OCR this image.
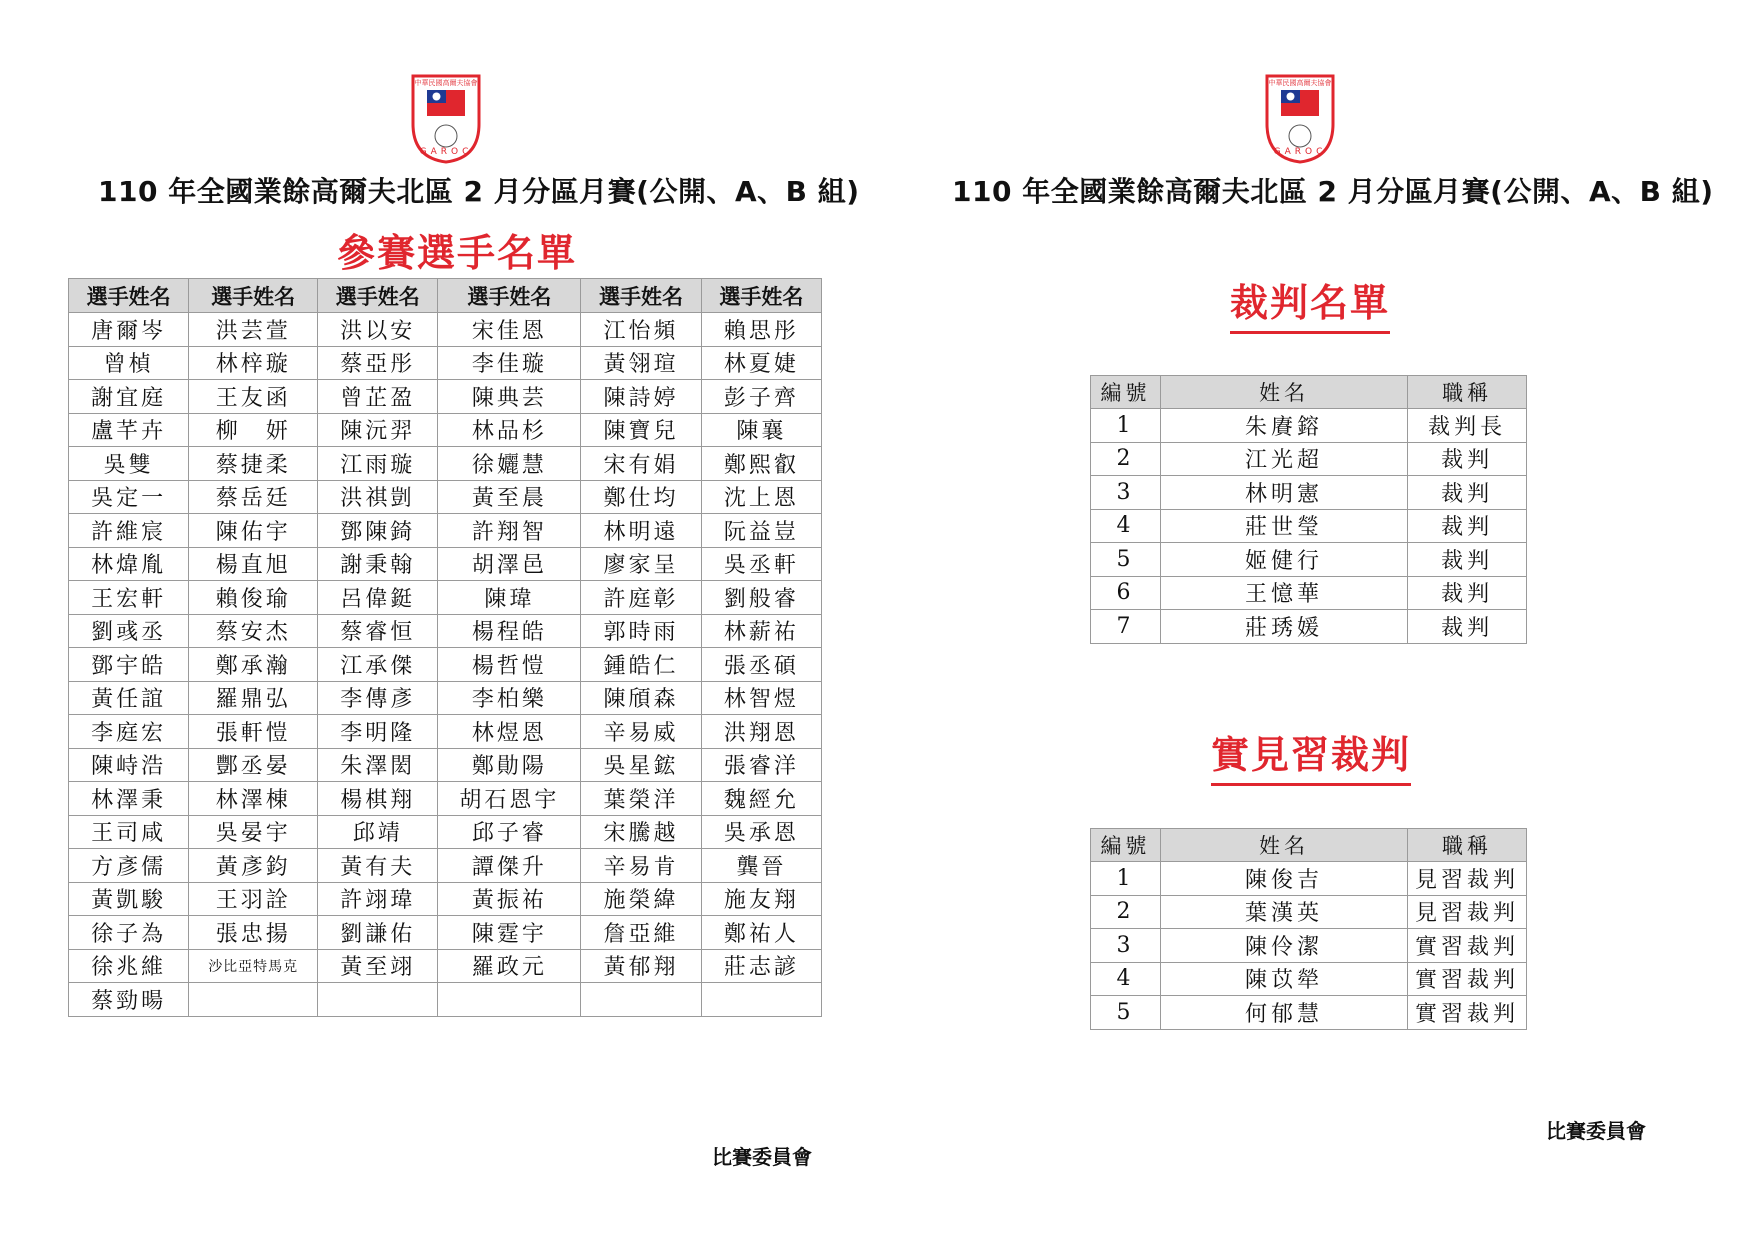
中華民國高爾夫協會
GAROC
110 年全國業餘高爾夫北區 2 月分區月賽(公開、A、B 組)
參賽選手名單
選手姓名	選手姓名	選手姓名	選手姓名	選手姓名	選手姓名
唐爾岑	洪芸萱	洪以安	宋佳恩	江怡頻	賴思彤
曾楨	林梓璇	蔡亞彤	李佳璇	黃翎瑄	林夏婕
謝宜庭	王友函	曾芷盈	陳典芸	陳詩婷	彭子齊
盧芊卉	柳　妍	陳沅羿	林品杉	陳寶兒	陳襄
吳雙	蔡捷柔	江雨璇	徐孋慧	宋有娟	鄭熙叡
吳定一	蔡岳廷	洪祺剴	黃至晨	鄭仕均	沈上恩
許維宸	陳佑宇	鄧陳錡	許翔智	林明遠	阮益豈
林煒胤	楊直旭	謝秉翰	胡澤邑	廖家呈	吳丞軒
王宏軒	賴俊瑜	呂偉鋌	陳瑋	許庭彰	劉般睿
劉彧丞	蔡安杰	蔡睿恒	楊程皓	郭時雨	林薪祐
鄧宇皓	鄭承瀚	江承傑	楊哲愷	鍾皓仁	張丞碩
黃任誼	羅鼎弘	李傳彥	李柏樂	陳頎森	林智煜
李庭宏	張軒愷	李明隆	林煜恩	辛易威	洪翔恩
陳峙浩	酆丞晏	朱澤閎	鄭勛陽	吳星鋐	張睿洋
林澤秉	林澤棟	楊棋翔	胡石恩宇	葉榮洋	魏經允
王司咸	吳晏宇	邱靖	邱子睿	宋騰越	吳承恩
方彥儒	黃彥鈞	黃有夫	譚傑升	辛易肯	龔晉
黃凱駿	王羽詮	許翊瑋	黃振祐	施榮緯	施友翔
徐子為	張忠揚	劉謙佑	陳霆宇	詹亞維	鄭祐人
徐兆維	沙比亞特馬克	黃至翊	羅政元	黃郁翔	莊志諺
蔡勁暘					
比賽委員會
中華民國高爾夫協會
GAROC
110 年全國業餘高爾夫北區 2 月分區月賽(公開、A、B 組)
裁判名單
編號	姓名	職稱
1	朱賡鎔	裁判長
2	江光超	裁判
3	林明憲	裁判
4	莊世瑩	裁判
5	姬健行	裁判
6	王憶華	裁判
7	莊琇媛	裁判
實見習裁判
編號	姓名	職稱
1	陳俊吉	見習裁判
2	葉漢英	見習裁判
3	陳伶潔	實習裁判
4	陳苡犖	實習裁判
5	何郁慧	實習裁判
比賽委員會
